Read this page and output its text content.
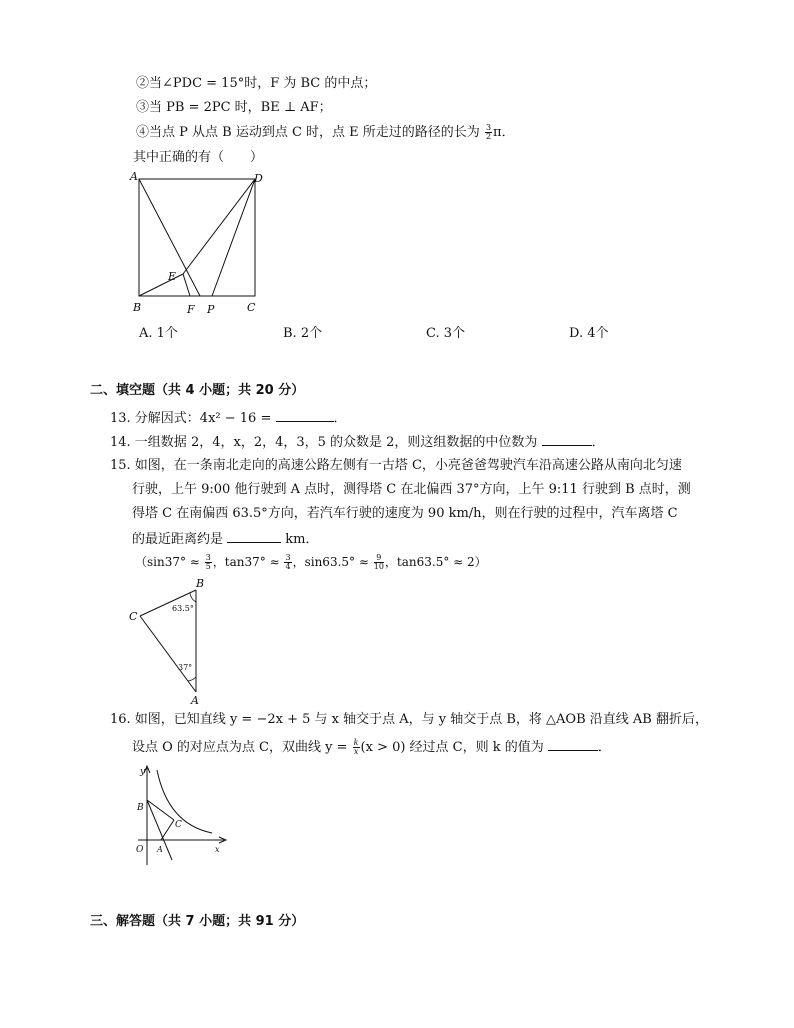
②当∠PDC = 15°时，F 为 BC 的中点；
③当 PB = 2PC 时，BE ⊥ AF；
④当点 P 从点 B 运动到点 C 时，点 E 所走过的路径的长为 $\frac{3}{2}$ π．
其中正确的有（　　）
A	D
B	C
E
F P
A. 1个	B. 2个	C. 3个	D. 4个
二、填空题（共 4 小题；共 20 分）
13. 分解因式：4x² − 16 =	．
14. 一组数据 2，4，x，2，4，3，5 的众数是 2，则这组数据的中位数为	．
15. 如图，在一条南北走向的高速公路左侧有一古塔 C，小亮爸爸驾驶汽车沿高速公路从南向北匀速
行驶，上午 9:00 他行驶到 A 点时，测得塔 C 在北偏西 37°方向，上午 9:11 行驶到 B 点时，测
得塔 C 在南偏西 63.5°方向，若汽车行驶的速度为 90 km/h，则在行驶的过程中，汽车离塔 C
的最近距离约是	km．
（$\sin 37^\circ \approx \frac{3}{5}$ ，$\tan 37^\circ \approx \frac{3}{4}$ ，$\sin 63.5^\circ \approx \frac{9}{10}$ ，tan63.5° ≈ 2）
B
C
A
63.5°
37°
16. 如图，已知直线 y = −2x + 5 与 x 轴交于点 A，与 y 轴交于点 B，将 △AOB 沿直线 AB 翻折后，
设点 O 的对应点为点 C，双曲线 $y = \frac{k}{x} (x > 0)$ 经过点 C，则 k 的值为	．
y
x
O A
B
C
三、解答题（共 7 小题；共 91 分）
